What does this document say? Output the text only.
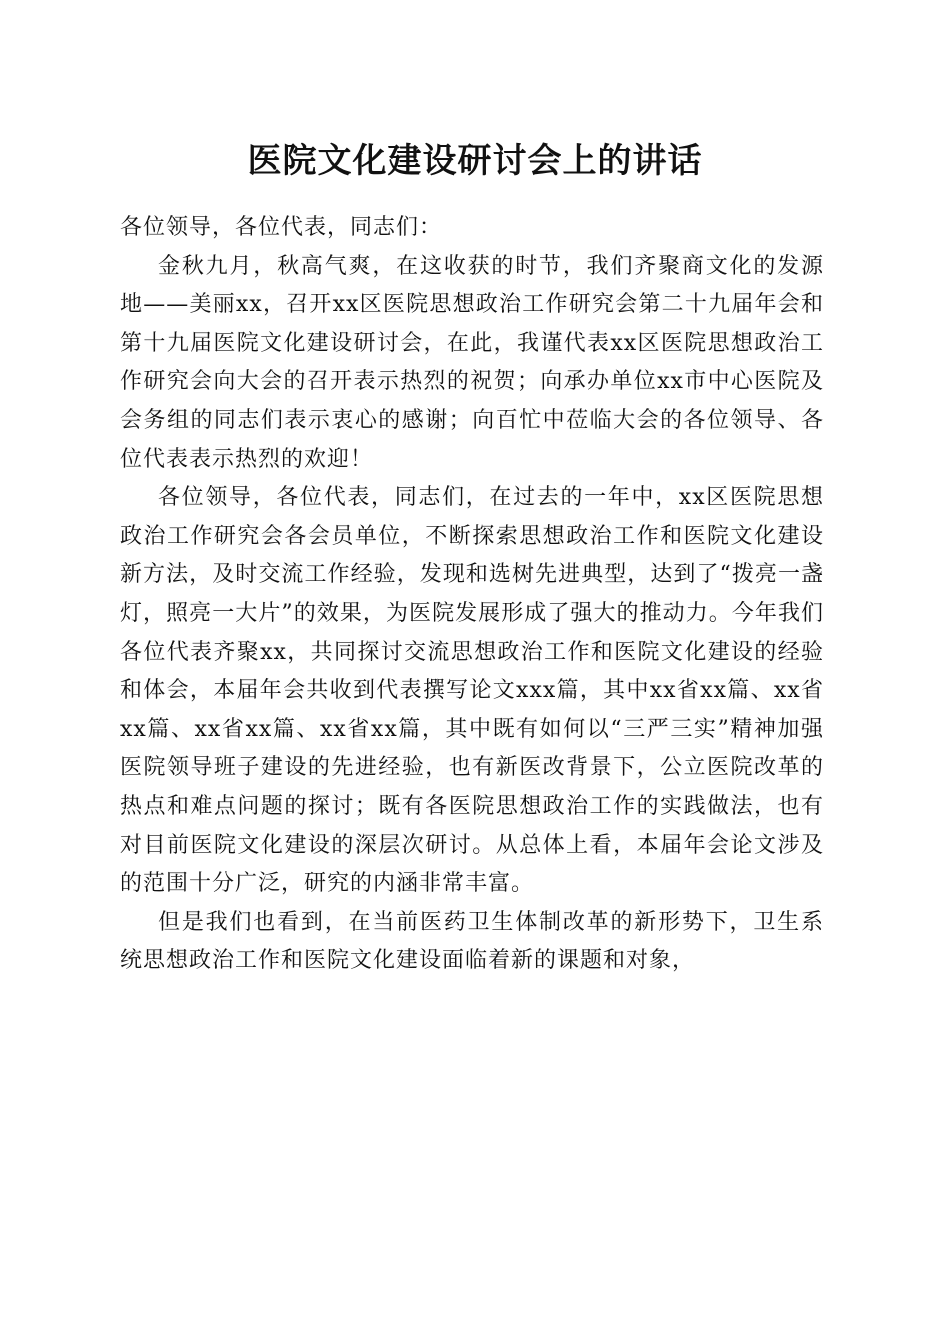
医院文化建设研讨会上的讲话

各位领导，各位代表，同志们：

金秋九月，秋高气爽，在这收获的时节，我们齐聚商文化的发源地——美丽xx，召开xx区医院思想政治工作研究会第二十九届年会和第十九届医院文化建设研讨会，在此，我谨代表xx区医院思想政治工作研究会向大会的召开表示热烈的祝贺；向承办单位xx市中心医院及会务组的同志们表示衷心的感谢；向百忙中莅临大会的各位领导、各位代表表示热烈的欢迎！

各位领导，各位代表，同志们，在过去的一年中，xx区医院思想政治工作研究会各会员单位，不断探索思想政治工作和医院文化建设新方法，及时交流工作经验，发现和选树先进典型，达到了“拨亮一盏灯，照亮一大片”的效果，为医院发展形成了强大的推动力。今年我们各位代表齐聚xx，共同探讨交流思想政治工作和医院文化建设的经验和体会，本届年会共收到代表撰写论文xxx篇，其中xx省xx篇、xx省xx篇、xx省xx篇、xx省xx篇，其中既有如何以“三严三实”精神加强医院领导班子建设的先进经验，也有新医改背景下，公立医院改革的热点和难点问题的探讨；既有各医院思想政治工作的实践做法，也有对目前医院文化建设的深层次研讨。从总体上看，本届年会论文涉及的范围十分广泛，研究的内涵非常丰富。

但是我们也看到，在当前医药卫生体制改革的新形势下，卫生系统思想政治工作和医院文化建设面临着新的课题和对象，
